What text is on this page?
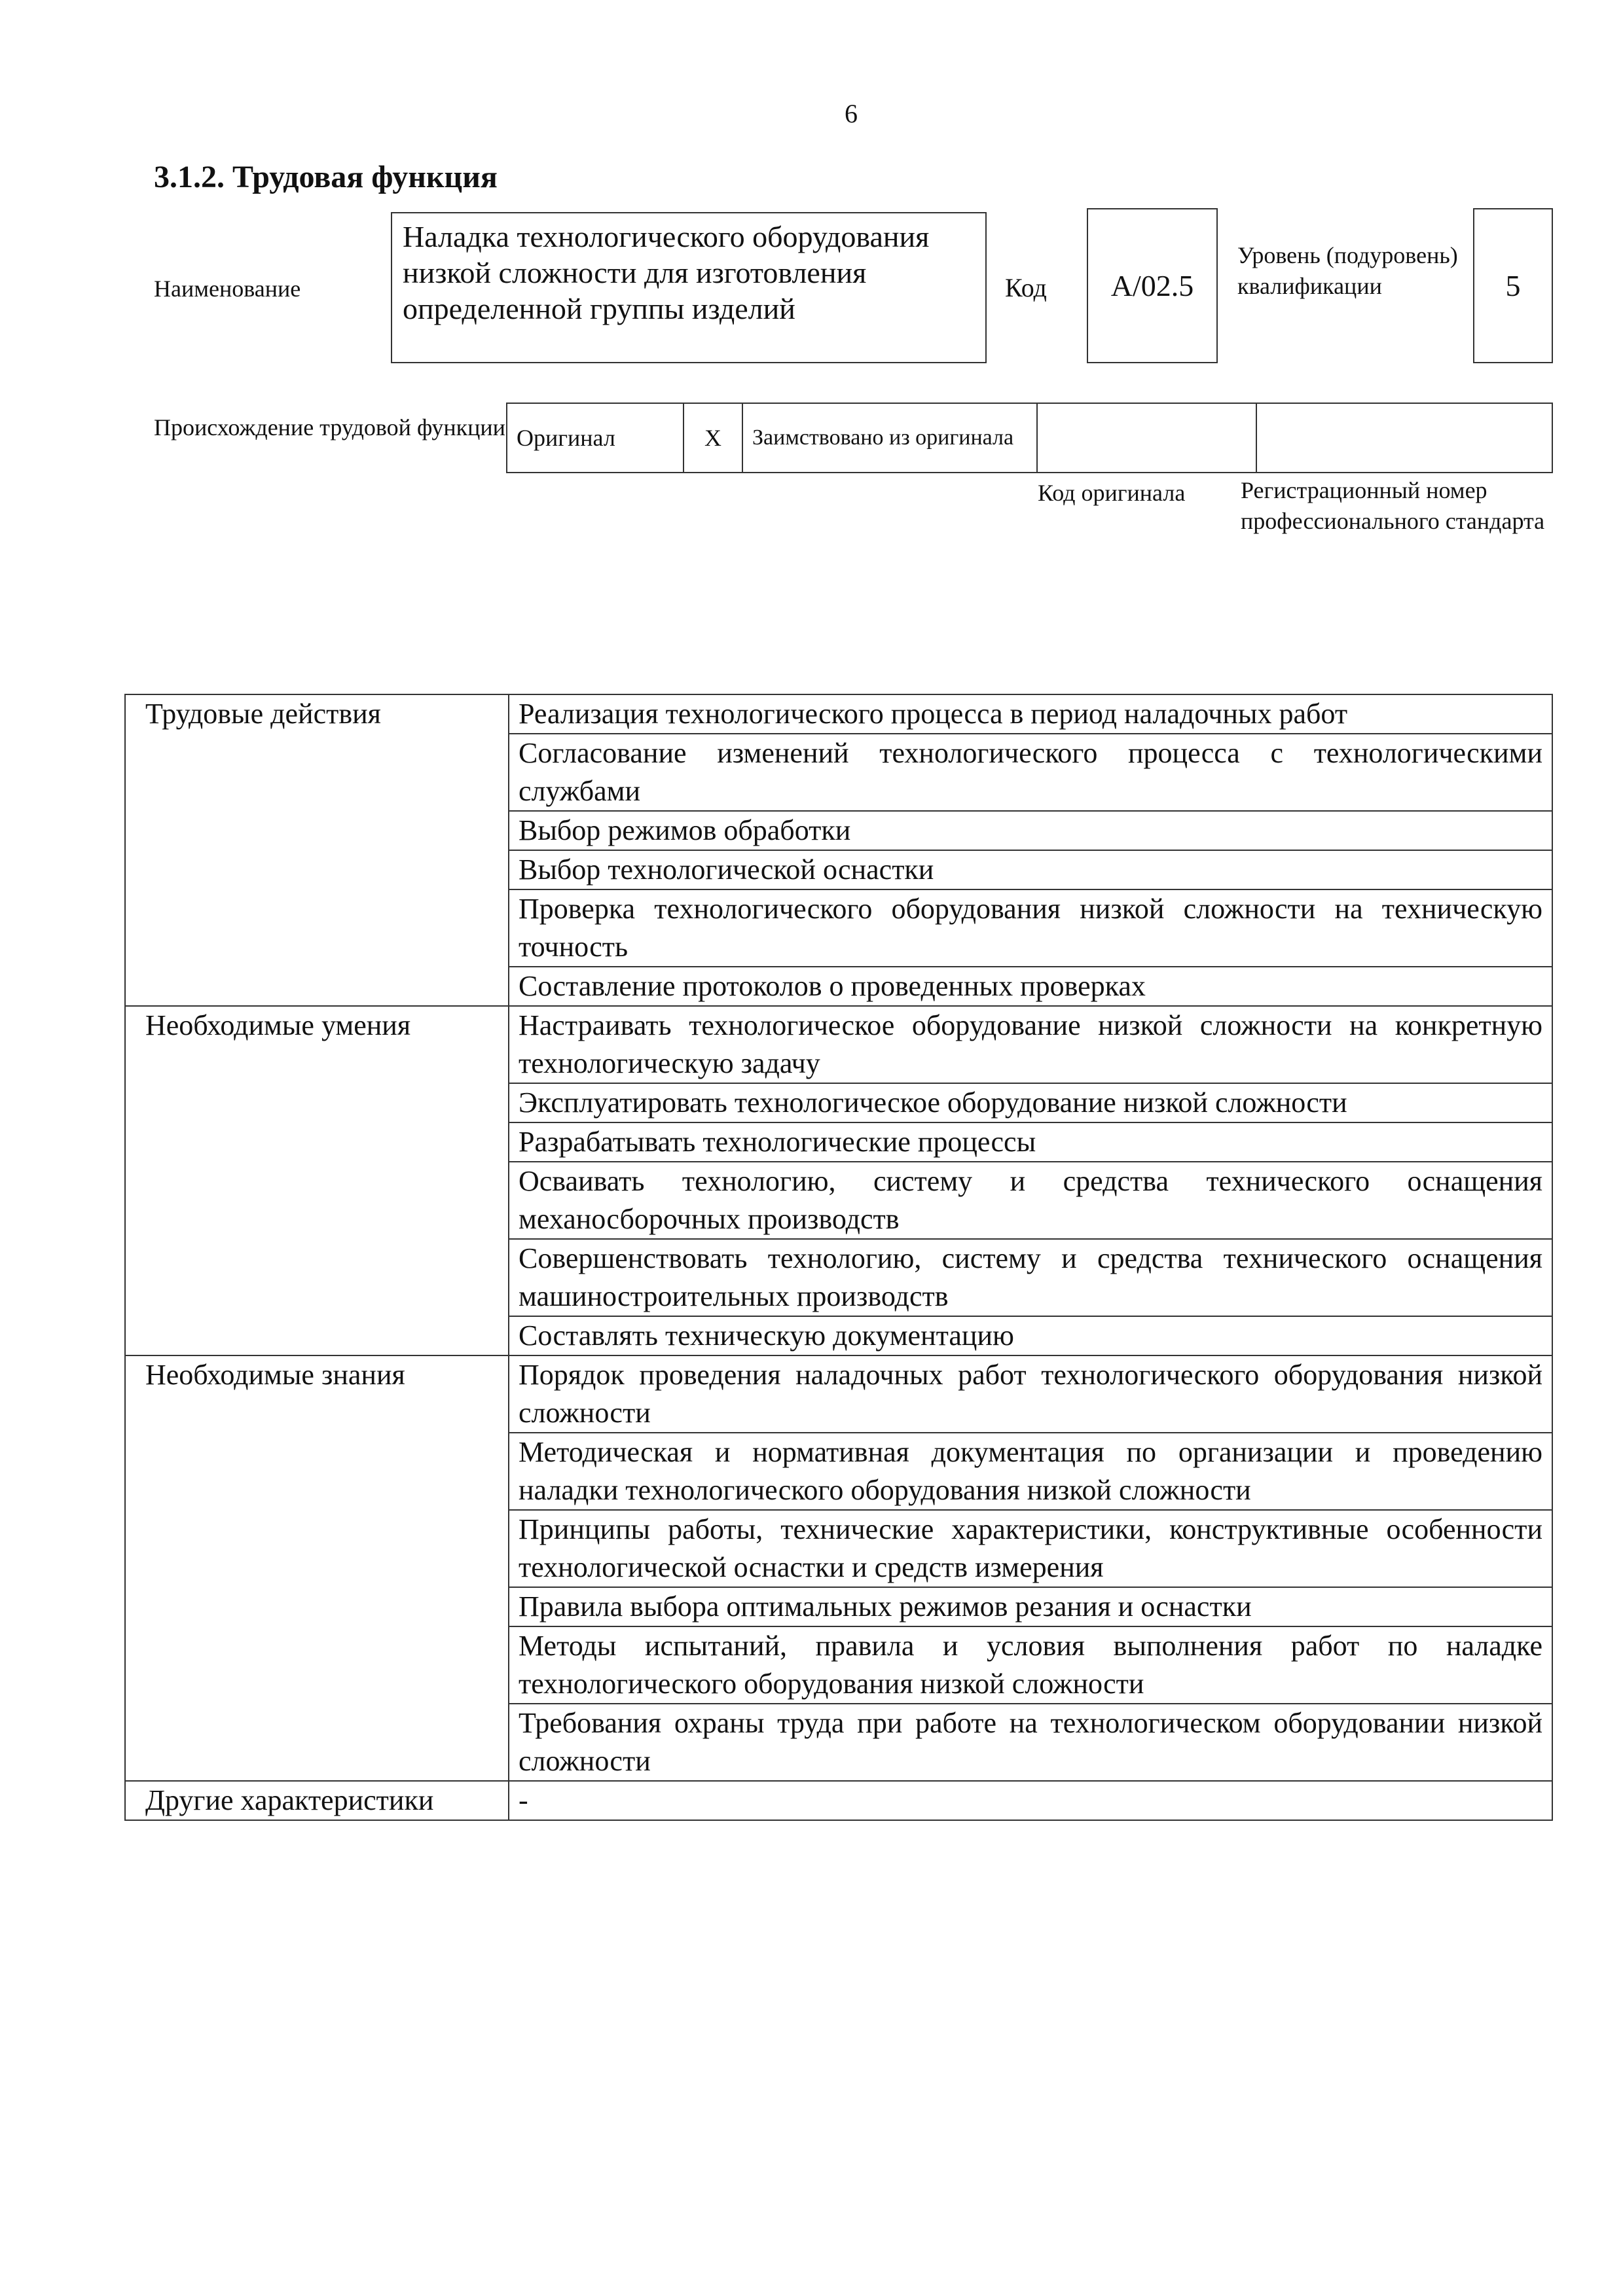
6
3.1.2. Трудовая функция
Наименование
Наладка технологического оборудования низкой сложности для изготовления определенной группы изделий
Код	A/02.5
Уровень (подуровень) квалификации	5
Происхождение трудовой функции Оригинал	X	Заимствовано из оригинала		
Код оригинала Регистрационный номер профессионального стандарта
Трудовые действия	Реализация технологического процесса в период наладочных работ
	Согласование изменений технологического процесса с технологическими службами
	Выбор режимов обработки
	Выбор технологической оснастки
	Проверка технологического оборудования низкой сложности на техническую точность
	Составление протоколов о проведенных проверках
Необходимые умения	Настраивать технологическое оборудование низкой сложности на конкретную технологическую задачу
	Эксплуатировать технологическое оборудование низкой сложности
	Разрабатывать технологические процессы
	Осваивать технологию, систему и средства технического оснащения механосборочных производств
	Совершенствовать технологию, систему и средства технического оснащения машиностроительных производств
	Составлять техническую документацию
Необходимые знания	Порядок проведения наладочных работ технологического оборудования низкой сложности
	Методическая и нормативная документация по организации и проведению наладки технологического оборудования низкой сложности
	Принципы работы, технические характеристики, конструктивные особенности технологической оснастки и средств измерения
	Правила выбора оптимальных режимов резания и оснастки
	Методы испытаний, правила и условия выполнения работ по наладке технологического оборудования низкой сложности
	Требования охраны труда при работе на технологическом оборудовании низкой сложности
Другие характеристики	-
